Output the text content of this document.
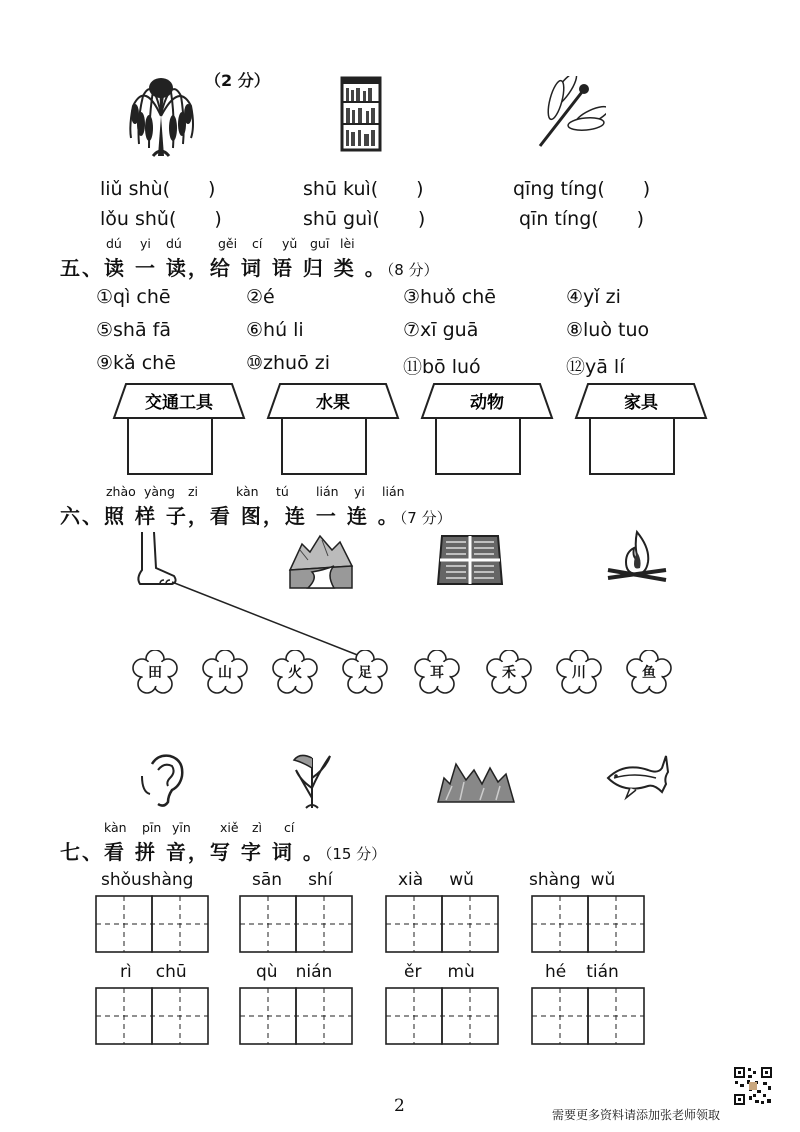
（2 分）
liǔ shù(　　)	shū kuì(　　)	qīng tíng(　　)
lǒu shǔ(　　)	shū guì(　　)	qīn tíng(　　)
dú yi dú	gěi cí yǔ guī lèi
五、读 一 读，给 词 语 归 类 。（8 分）
①qì chē	②é	③huǒ chē	④yǐ zi
⑤shā fā	⑥hú li	⑦xī guā	⑧luò tuo
⑨kǎ chē	⑩zhuō zi	⑪bō luó	⑫yā lí
交通工具	水果	动物	家具
zhào yàng zi	kàn tú lián yi lián
六、照 样 子，看 图，连 一 连 。（7 分）
田	山	火	足	耳	禾	川	鱼
kàn pīn yīn xiě zì cí
七、看 拼 音，写 字 词 。（15 分）
shǒushàng	sān shí	xià wǔ	shàng wǔ
rì chū	qù nián	ěr mù	hé tián
2	需要更多资料请添加张老师领取
